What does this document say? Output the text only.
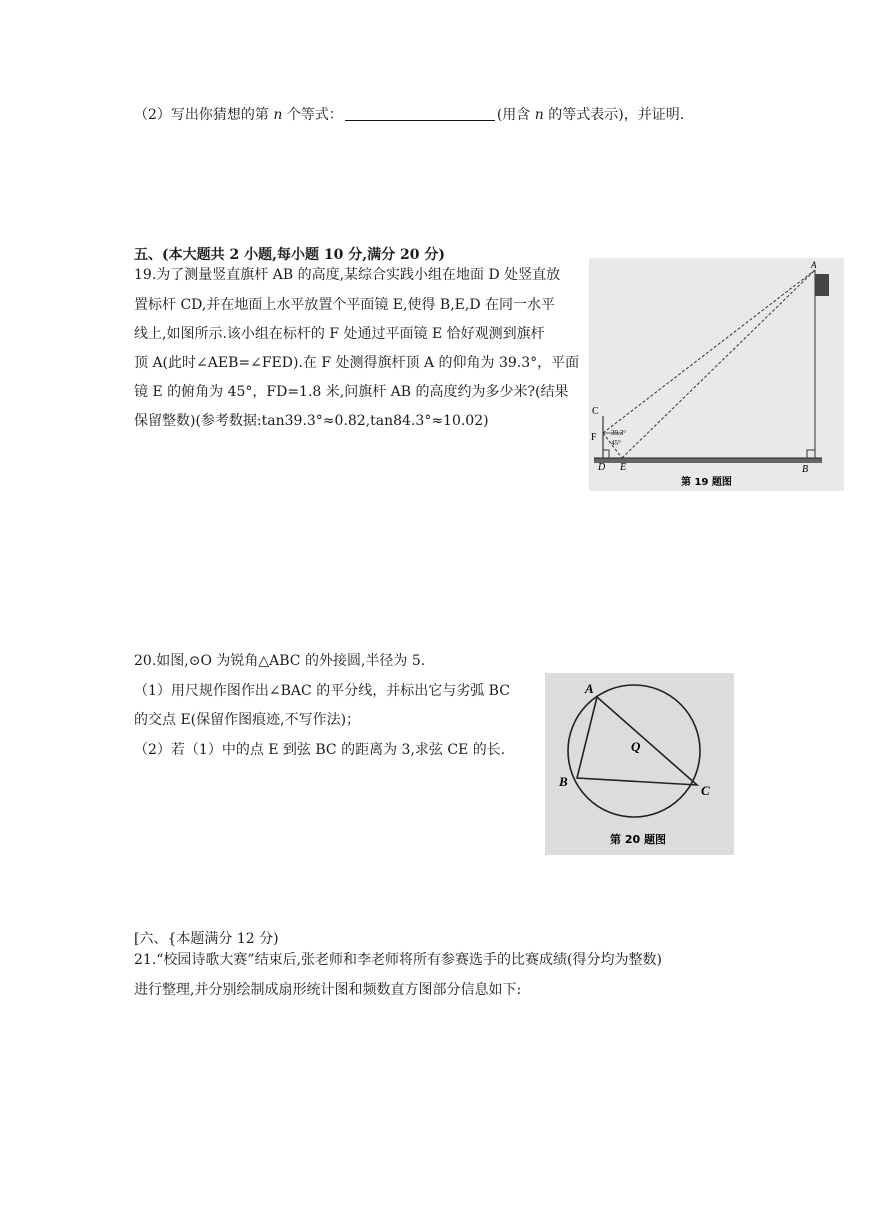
（2）写出你猜想的第 n 个等式：	(用含 n 的等式表示)，并证明.
五、(本大题共 2 小题,每小题 10 分,满分 20 分)
19.为了测量竖直旗杆 AB 的高度,某综合实践小组在地面 D 处竖直放
置标杆 CD,并在地面上水平放置个平面镜 E,使得 B,E,D 在同一水平
线上,如图所示.该小组在标杆的 F 处通过平面镜 E 恰好观测到旗杆
顶 A(此时∠AEB=∠FED).在 F 处测得旗杆顶 A 的仰角为 39.3°，平面
镜 E 的俯角为 45°，FD=1.8 米,问旗杆 AB 的高度约为多少米?(结果
保留整数)(参考数据:tan39.3°≈0.82,tan84.3°≈10.02)
A
C
F 39.3°
45°
D E	B
第 19 题图
20.如图,⊙O 为锐角△ABC 的外接圆,半径为 5.
（1）用尺规作图作出∠BAC 的平分线，并标出它与劣弧 BC
的交点 E(保留作图痕迹,不写作法)；
（2）若（1）中的点 E 到弦 BC 的距离为 3,求弦 CE 的长.
A
Q
B
C
第 20 题图
[六、{本题满分 12 分)
21.“校园诗歌大赛”结束后,张老师和李老师将所有参赛选手的比赛成绩(得分均为整数)
进行整理,并分别绘制成扇形统计图和频数直方图部分信息如下:
